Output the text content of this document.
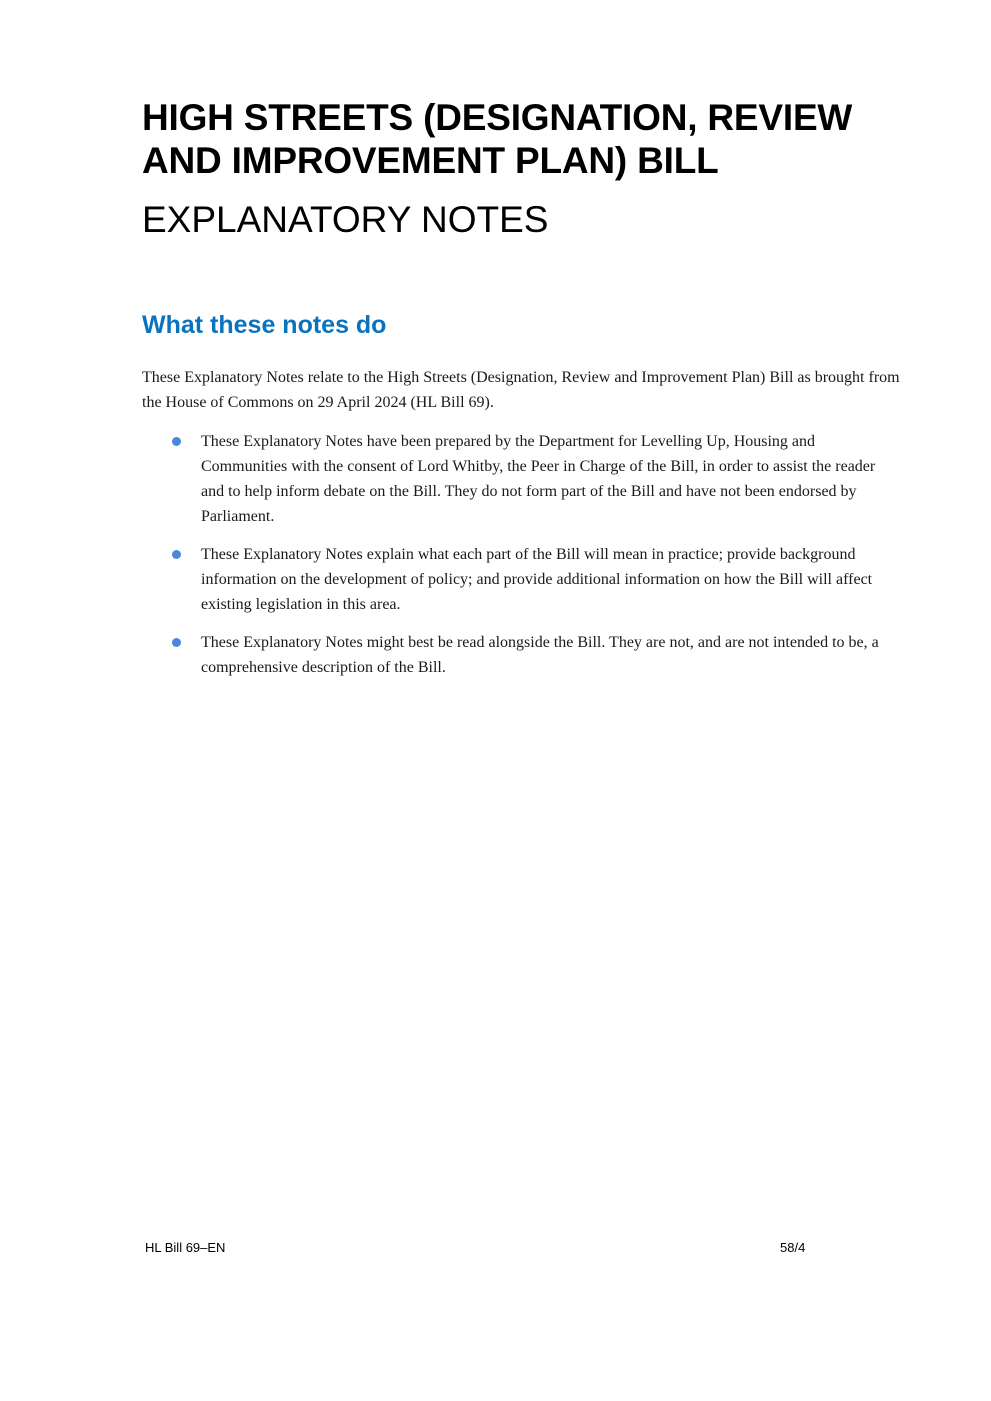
HIGH STREETS (DESIGNATION, REVIEW AND IMPROVEMENT PLAN) BILL
EXPLANATORY NOTES
What these notes do

These Explanatory Notes relate to the High Streets (Designation, Review and Improvement Plan) Bill as brought from the House of Commons on 29 April 2024 (HL Bill 69).

These Explanatory Notes have been prepared by the Department for Levelling Up, Housing and Communities with the consent of Lord Whitby, the Peer in Charge of the Bill, in order to assist the reader and to help inform debate on the Bill. They do not form part of the Bill and have not been endorsed by Parliament.
These Explanatory Notes explain what each part of the Bill will mean in practice; provide background information on the development of policy; and provide additional information on how the Bill will affect existing legislation in this area.
These Explanatory Notes might best be read alongside the Bill. They are not, and are not intended to be, a comprehensive description of the Bill.
HL Bill 69–EN	58/4
